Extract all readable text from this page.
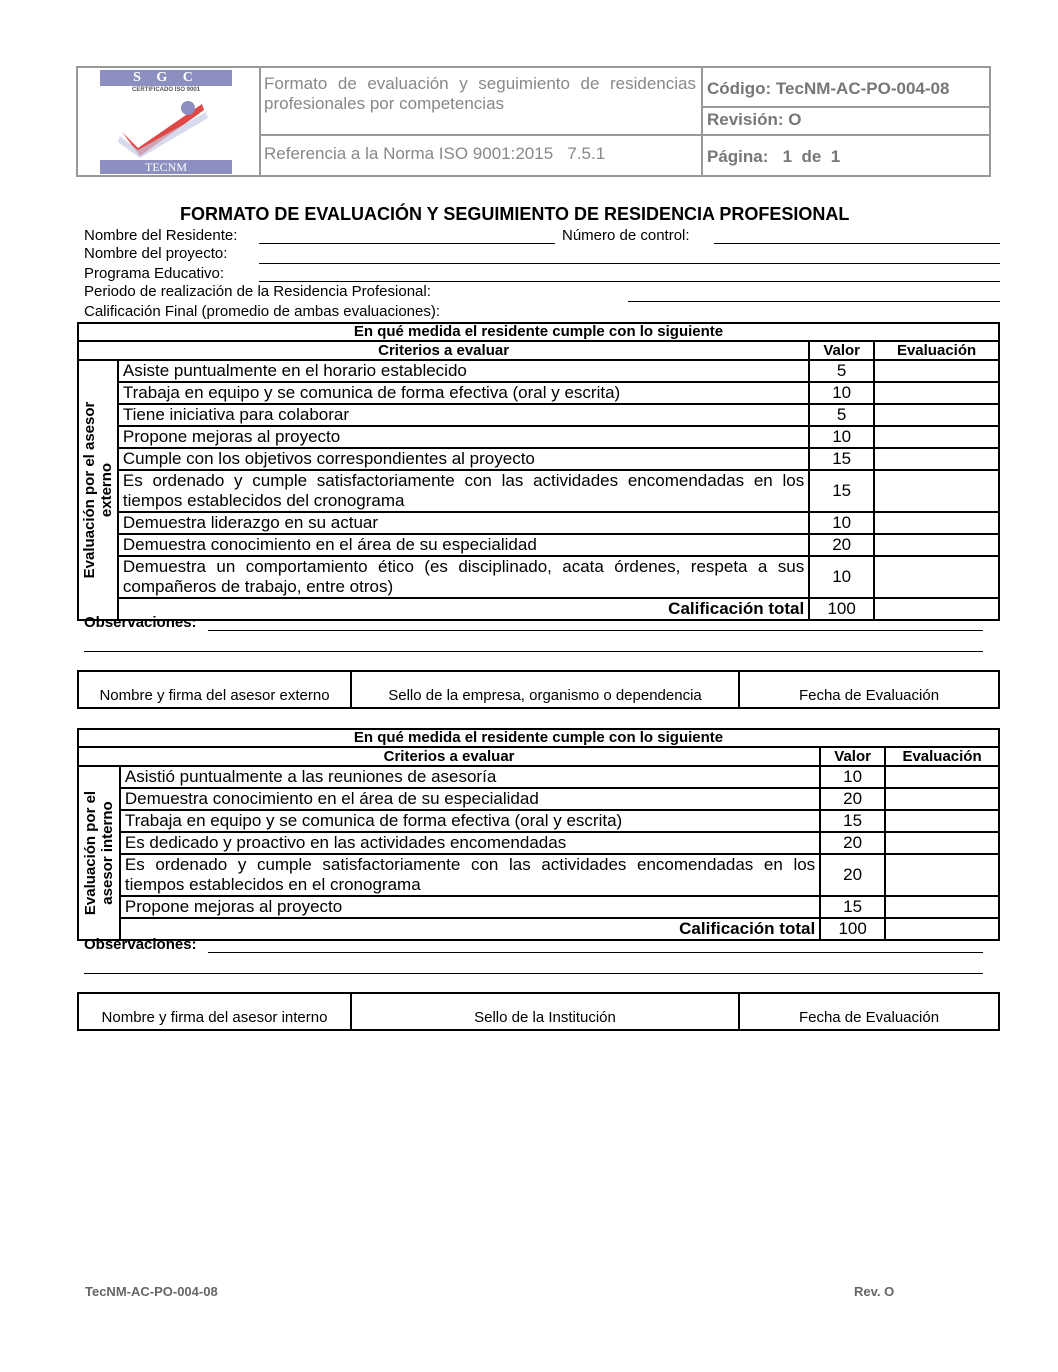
S G C
CERTIFICADO ISO 9001
TECNM
Formato de evaluación y seguimiento de residencias profesionales por competencias
Referencia a la Norma ISO 9001:2015   7.5.1
Código: TecNM-AC-PO-004-08
Revisión: O
Página:   1  de  1
FORMATO DE EVALUACIÓN Y SEGUIMIENTO DE RESIDENCIA PROFESIONAL
Nombre del Residente:	Número de control:
Nombre del proyecto:
Programa Educativo:
Periodo de realización de la Residencia Profesional:
Calificación Final (promedio de ambas evaluaciones):
En qué medida el residente cumple con lo siguiente			
Criterios a evaluar		Valor	Evaluación

Evaluación por el asesor externo	Asiste puntualmente en el horario establecido	5	
	Trabaja en equipo y se comunica de forma efectiva (oral y escrita)	10	
	Tiene iniciativa para colaborar	5	
	Propone mejoras al proyecto	10	
	Cumple con los objetivos correspondientes al proyecto	15	
	Es ordenado y cumple satisfactoriamente con las actividades encomendadas en los tiempos establecidos del cronograma	15	
	Demuestra liderazgo en su actuar	10	
	Demuestra conocimiento en el área de su especialidad	20	
	Demuestra un comportamiento ético (es disciplinado, acata órdenes, respeta a sus compañeros de trabajo, entre otros)	10	
	Calificación total	100	
Observaciones:
Nombre y firma del asesor externo	Sello de la empresa, organismo o dependencia	Fecha de Evaluación
En qué medida el residente cumple con lo siguiente			
Criterios a evaluar		Valor	Evaluación

Evaluación por el asesor interno	Asistió puntualmente a las reuniones de asesoría	10	
	Demuestra conocimiento en el área de su especialidad	20	
	Trabaja en equipo y se comunica de forma efectiva (oral y escrita)	15	
	Es dedicado y proactivo en las actividades encomendadas	20	
	Es ordenado y cumple satisfactoriamente con las actividades encomendadas en los tiempos establecidos en el cronograma	20	
	Propone mejoras al proyecto	15	
	Calificación total	100	
Observaciones:
Nombre y firma del asesor interno	Sello de la Institución	Fecha de Evaluación
TecNM-AC-PO-004-08	Rev. O
